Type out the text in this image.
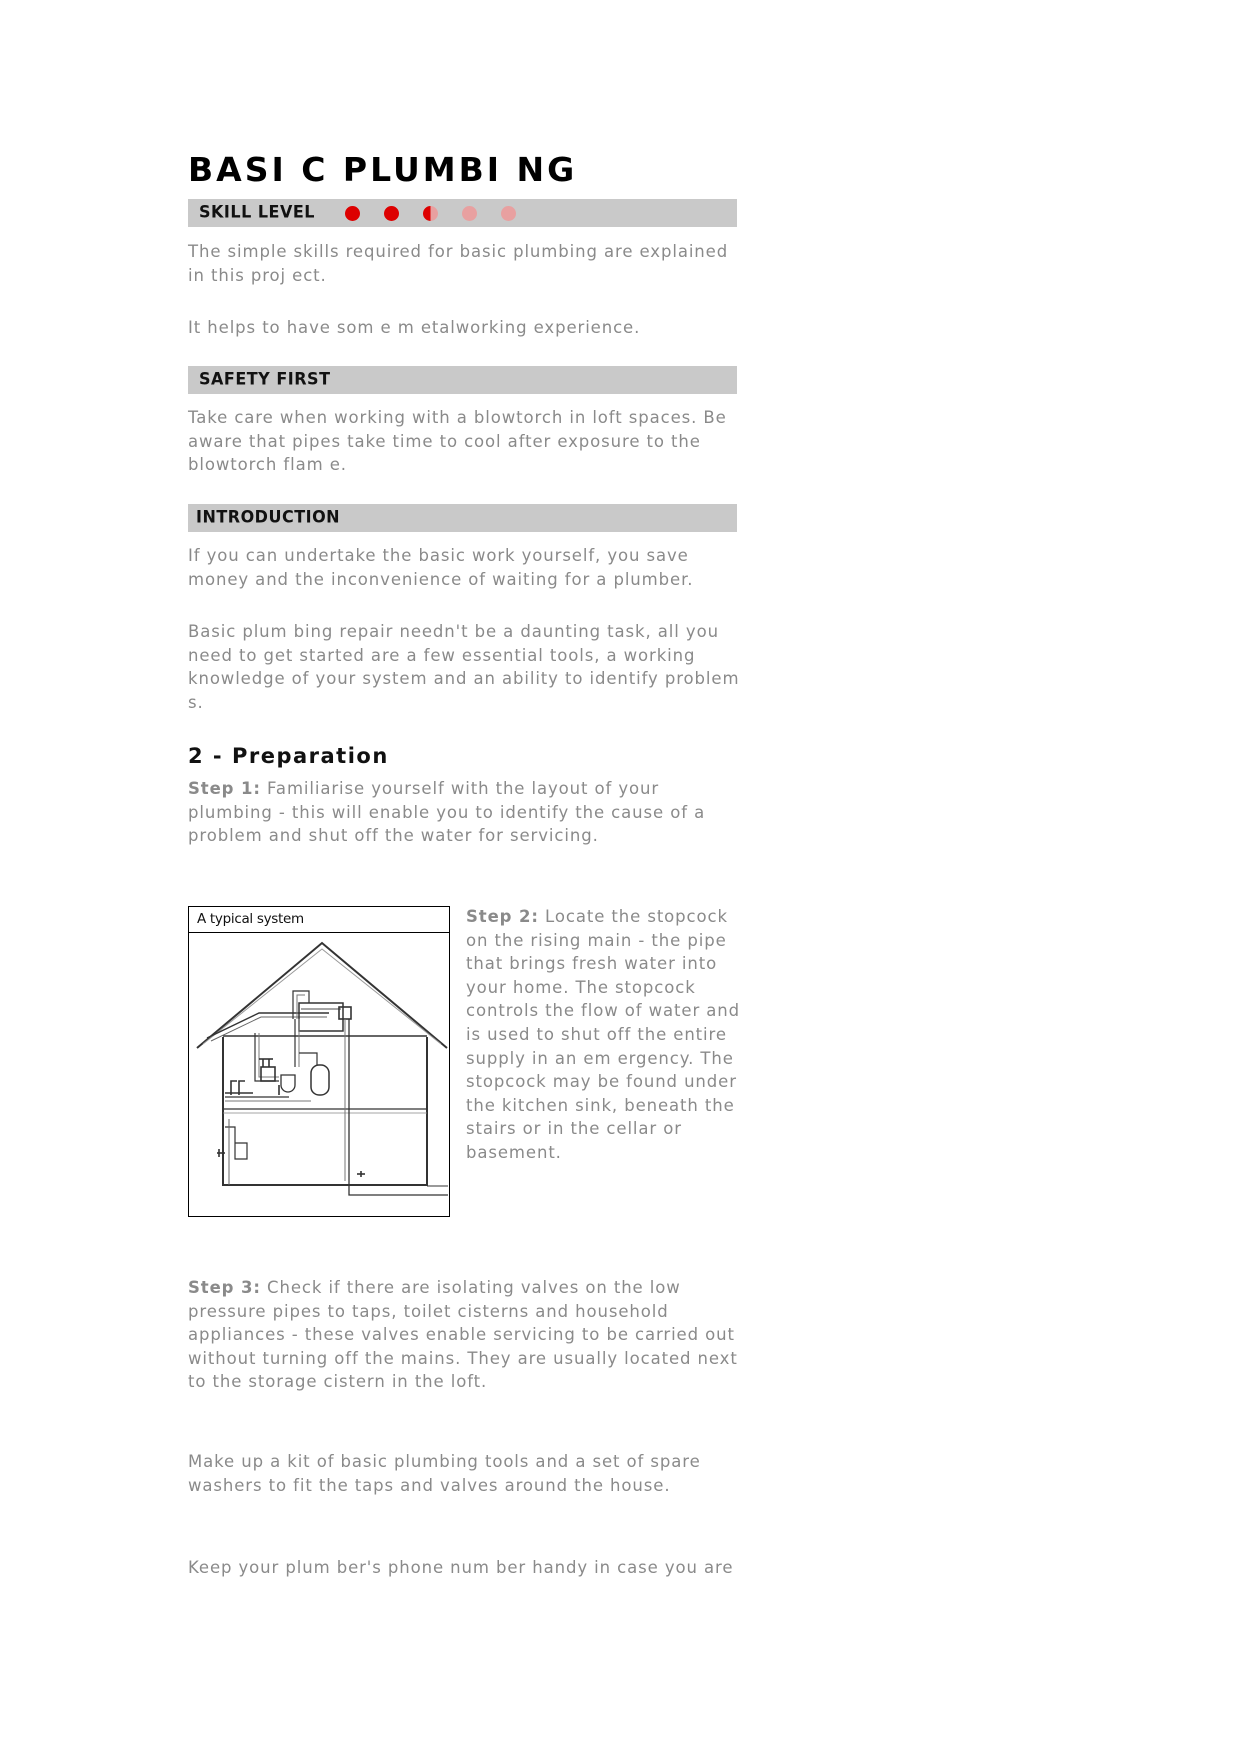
BASI C PLUMBI NG
SKILL LEVEL

The simple skills required for basic plumbing are explained in this proj ect.

It helps to have som e m etalworking experience.

SAFETY FIRST

Take care when working with a blowtorch in loft spaces. Be aware that pipes take time to cool after exposure to the blowtorch flam e.

INTRODUCTION

If you can undertake the basic work yourself, you save money and the inconvenience of waiting for a plumber.

Basic plum bing repair needn't be a daunting task, all you need to get started are a few essential tools, a working knowledge of your system and an ability to identify problem s.

2 - Preparation

Step 1: Familiarise yourself with the layout of your plumbing - this will enable you to identify the cause of a problem and shut off the water for servicing.

A typical system	Step 2: Locate the stopcock on the rising main - the pipe that brings fresh water into your home. The stopcock controls the flow of water and is used to shut off the entire supply in an em ergency. The stopcock may be found under the kitchen sink, beneath the stairs or in the cellar or basement.

Step 3: Check if there are isolating valves on the low pressure pipes to taps, toilet cisterns and household appliances - these valves enable servicing to be carried out without turning off the mains. They are usually located next to the storage cistern in the loft.

Make up a kit of basic plumbing tools and a set of spare washers to fit the taps and valves around the house.

Keep your plum ber's phone num ber handy in case you are
